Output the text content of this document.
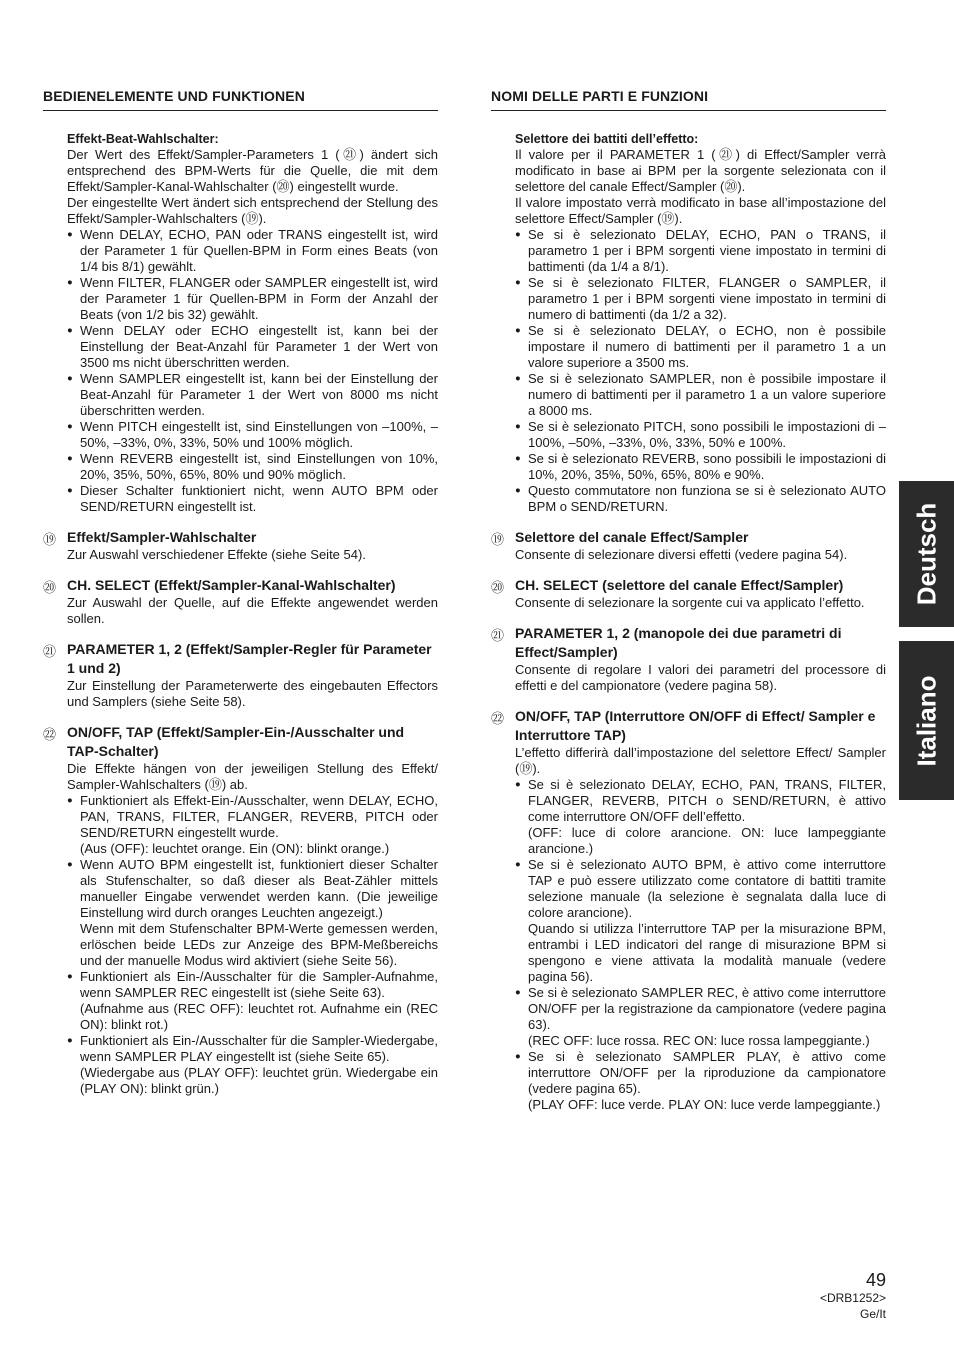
BEDIENELEMENTE UND FUNKTIONEN
Effekt-Beat-Wahlschalter:

Der Wert des Effekt/Sampler-Parameters 1 (㉑) ändert sich entsprechend des BPM-Werts für die Quelle, die mit dem Effekt/Sampler-Kanal-Wahlschalter (⑳) eingestellt wurde.

Der eingestellte Wert ändert sich entsprechend der Stellung des Effekt/Sampler-Wahlschalters (⑲).

● Wenn DELAY, ECHO, PAN oder TRANS eingestellt ist, wird der Parameter 1 für Quellen-BPM in Form eines Beats (von 1/4 bis 8/1) gewählt.
● Wenn FILTER, FLANGER oder SAMPLER eingestellt ist, wird der Parameter 1 für Quellen-BPM in Form der Anzahl der Beats (von 1/2 bis 32) gewählt.
● Wenn DELAY oder ECHO eingestellt ist, kann bei der Einstellung der Beat-Anzahl für Parameter 1 der Wert von 3500 ms nicht überschritten werden.
● Wenn SAMPLER eingestellt ist, kann bei der Einstellung der Beat-Anzahl für Parameter 1 der Wert von 8000 ms nicht überschritten werden.
● Wenn PITCH eingestellt ist, sind Einstellungen von –100%, –50%, –33%, 0%, 33%, 50% und 100% möglich.
● Wenn REVERB eingestellt ist, sind Einstellungen von 10%, 20%, 35%, 50%, 65%, 80% und 90% möglich.
● Dieser Schalter funktioniert nicht, wenn AUTO BPM oder SEND/RETURN eingestellt ist.
⑲ Effekt/Sampler-Wahlschalter

Zur Auswahl verschiedener Effekte (siehe Seite 54).

⑳ CH. SELECT (Effekt/Sampler-Kanal-Wahlschalter)

Zur Auswahl der Quelle, auf die Effekte angewendet werden sollen.

㉑ PARAMETER 1, 2 (Effekt/Sampler-Regler für Parameter 1 und 2)

Zur Einstellung der Parameterwerte des eingebauten Effectors und Samplers (siehe Seite 58).

㉒ ON/OFF, TAP (Effekt/Sampler-Ein-/Ausschalter und TAP-Schalter)

Die Effekte hängen von der jeweiligen Stellung des Effekt/ Sampler-Wahlschalters (⑲) ab.

● Funktioniert als Effekt-Ein-/Ausschalter, wenn DELAY, ECHO, PAN, TRANS, FILTER, FLANGER, REVERB, PITCH oder SEND/RETURN eingestellt wurde.
(Aus (OFF): leuchtet orange. Ein (ON): blinkt orange.)
● Wenn AUTO BPM eingestellt ist, funktioniert dieser Schalter als Stufenschalter, so daß dieser als Beat-Zähler mittels manueller Eingabe verwendet werden kann. (Die jeweilige Einstellung wird durch oranges Leuchten angezeigt.)
Wenn mit dem Stufenschalter BPM-Werte gemessen werden, erlöschen beide LEDs zur Anzeige des BPM-Meßbereichs und der manuelle Modus wird aktiviert (siehe Seite 56).
● Funktioniert als Ein-/Ausschalter für die Sampler-Aufnahme, wenn SAMPLER REC eingestellt ist (siehe Seite 63).
(Aufnahme aus (REC OFF): leuchtet rot. Aufnahme ein (REC ON): blinkt rot.)
● Funktioniert als Ein-/Ausschalter für die Sampler-Wiedergabe, wenn SAMPLER PLAY eingestellt ist (siehe Seite 65).
(Wiedergabe aus (PLAY OFF): leuchtet grün. Wiedergabe ein (PLAY ON): blinkt grün.)
NOMI DELLE PARTI E FUNZIONI
Selettore dei battiti dell’effetto:

Il valore per il PARAMETER 1 (㉑) di Effect/Sampler verrà modificato in base ai BPM per la sorgente selezionata con il selettore del canale Effect/Sampler (⑳).

Il valore impostato verrà modificato in base all’impostazione del selettore Effect/Sampler (⑲).

● Se si è selezionato DELAY, ECHO, PAN o TRANS, il parametro 1 per i BPM sorgenti viene impostato in termini di battimenti (da 1/4 a 8/1).
● Se si è selezionato FILTER, FLANGER o SAMPLER, il parametro 1 per i BPM sorgenti viene impostato in termini di numero di battimenti (da 1/2 a 32).
● Se si è selezionato DELAY, o ECHO, non è possibile impostare il numero di battimenti per il parametro 1 a un valore superiore a 3500 ms.
● Se si è selezionato SAMPLER, non è possibile impostare il numero di battimenti per il parametro 1 a un valore superiore a 8000 ms.
● Se si è selezionato PITCH, sono possibili le impostazioni di –100%, –50%, –33%, 0%, 33%, 50% e 100%.
● Se si è selezionato REVERB, sono possibili le impostazioni di 10%, 20%, 35%, 50%, 65%, 80% e 90%.
● Questo commutatore non funziona se si è selezionato AUTO BPM o SEND/RETURN.
⑲ Selettore del canale Effect/Sampler

Consente di selezionare diversi effetti (vedere pagina 54).

⑳ CH. SELECT (selettore del canale Effect/Sampler)

Consente di selezionare la sorgente cui va applicato l’effetto.

㉑ PARAMETER 1, 2 (manopole dei due parametri di Effect/Sampler)

Consente di regolare I valori dei parametri del processore di effetti e del campionatore (vedere pagina 58).

㉒ ON/OFF, TAP (Interruttore ON/OFF di Effect/ Sampler e Interruttore TAP)

L’effetto differirà dall’impostazione del selettore Effect/ Sampler (⑲).

● Se si è selezionato DELAY, ECHO, PAN, TRANS, FILTER, FLANGER, REVERB, PITCH o SEND/RETURN, è attivo come interruttore ON/OFF dell’effetto.
(OFF: luce di colore arancione. ON: luce lampeggiante arancione.)
● Se si è selezionato AUTO BPM, è attivo come interruttore TAP e può essere utilizzato come contatore di battiti tramite selezione manuale (la selezione è segnalata dalla luce di colore arancione).
Quando si utilizza l’interruttore TAP per la misurazione BPM, entrambi i LED indicatori del range di misurazione BPM si spengono e viene attivata la modalità manuale (vedere pagina 56).
● Se si è selezionato SAMPLER REC, è attivo come interruttore ON/OFF per la registrazione da campionatore (vedere pagina 63).
(REC OFF: luce rossa. REC ON: luce rossa lampeggiante.)
● Se si è selezionato SAMPLER PLAY, è attivo come interruttore ON/OFF per la riproduzione da campionatore (vedere pagina 65).
(PLAY OFF: luce verde. PLAY ON: luce verde lampeggiante.)
Deutsch
Italiano
49
<DRB1252>
Ge/It
